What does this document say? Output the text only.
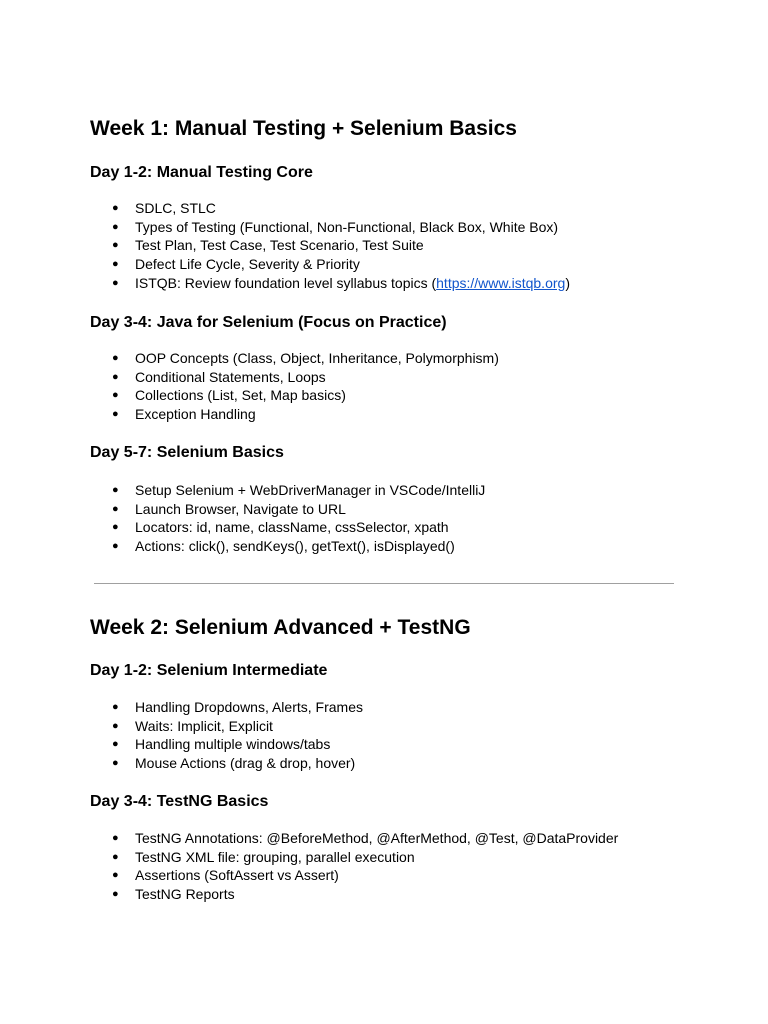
Week 1: Manual Testing + Selenium Basics
Day 1-2: Manual Testing Core
● SDLC, STLC
● Types of Testing (Functional, Non-Functional, Black Box, White Box)
● Test Plan, Test Case, Test Scenario, Test Suite
● Defect Life Cycle, Severity & Priority
● ISTQB: Review foundation level syllabus topics (https://www.istqb.org)
Day 3-4: Java for Selenium (Focus on Practice)
● OOP Concepts (Class, Object, Inheritance, Polymorphism)
● Conditional Statements, Loops
● Collections (List, Set, Map basics)
● Exception Handling
Day 5-7: Selenium Basics
● Setup Selenium + WebDriverManager in VSCode/IntelliJ
● Launch Browser, Navigate to URL
● Locators: id, name, className, cssSelector, xpath
● Actions: click(), sendKeys(), getText(), isDisplayed()
Week 2: Selenium Advanced + TestNG
Day 1-2: Selenium Intermediate
● Handling Dropdowns, Alerts, Frames
● Waits: Implicit, Explicit
● Handling multiple windows/tabs
● Mouse Actions (drag & drop, hover)
Day 3-4: TestNG Basics
● TestNG Annotations: @BeforeMethod, @AfterMethod, @Test, @DataProvider
● TestNG XML file: grouping, parallel execution
● Assertions (SoftAssert vs Assert)
● TestNG Reports
